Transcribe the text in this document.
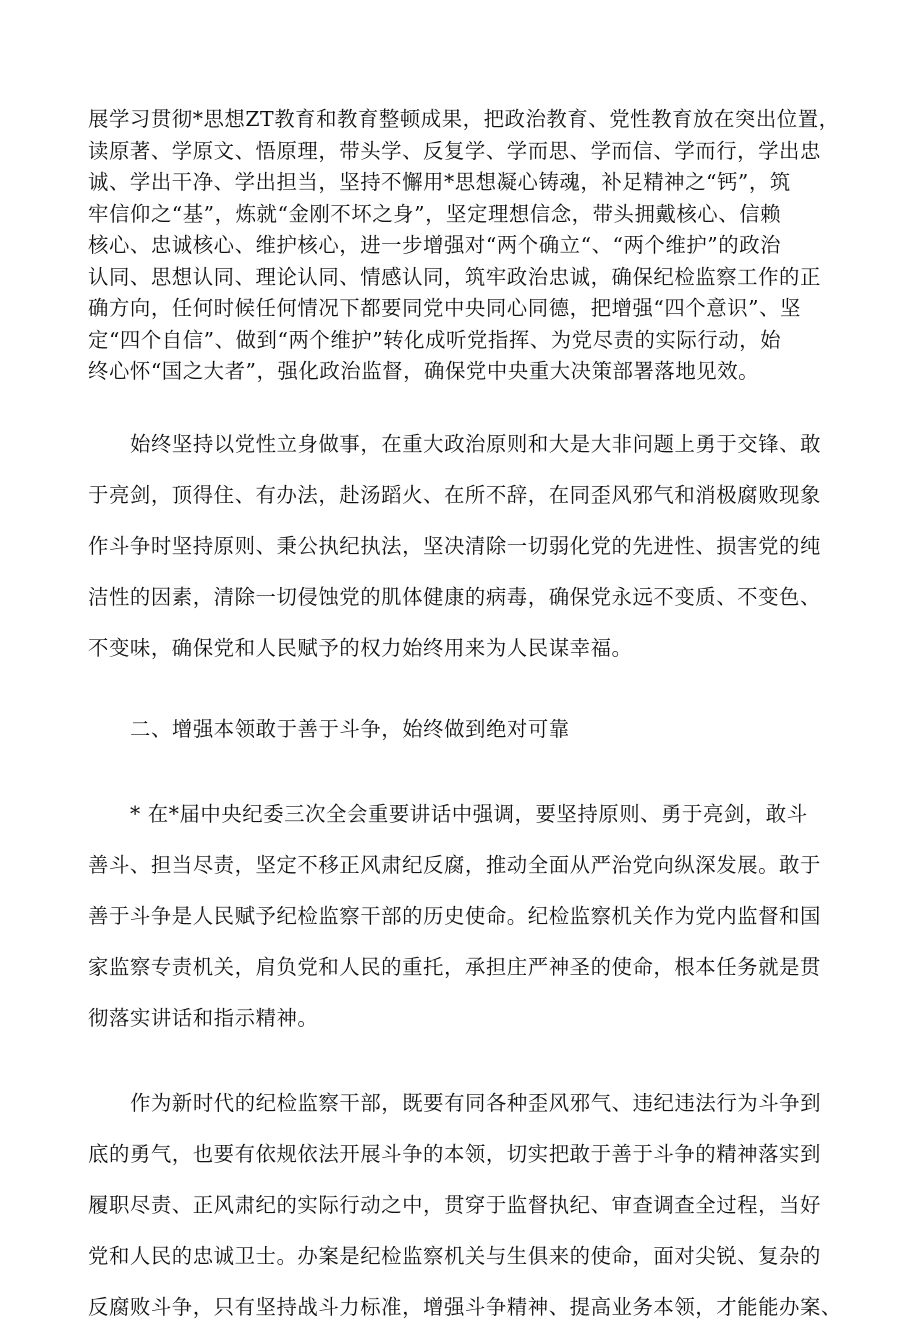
展学习贯彻*思想ZT教育和教育整顿成果，把政治教育、党性教育放在突出位置，
读原著、学原文、悟原理，带头学、反复学、学而思、学而信、学而行，学出忠
诚、学出干净、学出担当，坚持不懈用*思想凝心铸魂，补足精神之“钙”，筑
牢信仰之“基”，炼就“金刚不坏之身”，坚定理想信念，带头拥戴核心、信赖
核心、忠诚核心、维护核心，进一步增强对“两个确立“、“两个维护”的政治
认同、思想认同、理论认同、情感认同，筑牢政治忠诚，确保纪检监察工作的正
确方向，任何时候任何情况下都要同党中央同心同德，把增强“四个意识”、坚
定“四个自信”、做到“两个维护”转化成听党指挥、为党尽责的实际行动，始
终心怀“国之大者”，强化政治监督，确保党中央重大决策部署落地见效。
始终坚持以党性立身做事，在重大政治原则和大是大非问题上勇于交锋、敢
于亮剑，顶得住、有办法，赴汤蹈火、在所不辞，在同歪风邪气和消极腐败现象
作斗争时坚持原则、秉公执纪执法，坚决清除一切弱化党的先进性、损害党的纯
洁性的因素，清除一切侵蚀党的肌体健康的病毒，确保党永远不变质、不变色、
不变味，确保党和人民赋予的权力始终用来为人民谋幸福。
二、增强本领敢于善于斗争，始终做到绝对可靠
* 在*届中央纪委三次全会重要讲话中强调，要坚持原则、勇于亮剑，敢斗
善斗、担当尽责，坚定不移正风肃纪反腐，推动全面从严治党向纵深发展。敢于
善于斗争是人民赋予纪检监察干部的历史使命。纪检监察机关作为党内监督和国
家监察专责机关，肩负党和人民的重托，承担庄严神圣的使命，根本任务就是贯
彻落实讲话和指示精神。
作为新时代的纪检监察干部，既要有同各种歪风邪气、违纪违法行为斗争到
底的勇气，也要有依规依法开展斗争的本领，切实把敢于善于斗争的精神落实到
履职尽责、正风肃纪的实际行动之中，贯穿于监督执纪、审查调查全过程，当好
党和人民的忠诚卫士。办案是纪检监察机关与生俱来的使命，面对尖锐、复杂的
反腐败斗争，只有坚持战斗力标准，增强斗争精神、提高业务本领，才能能办案、
